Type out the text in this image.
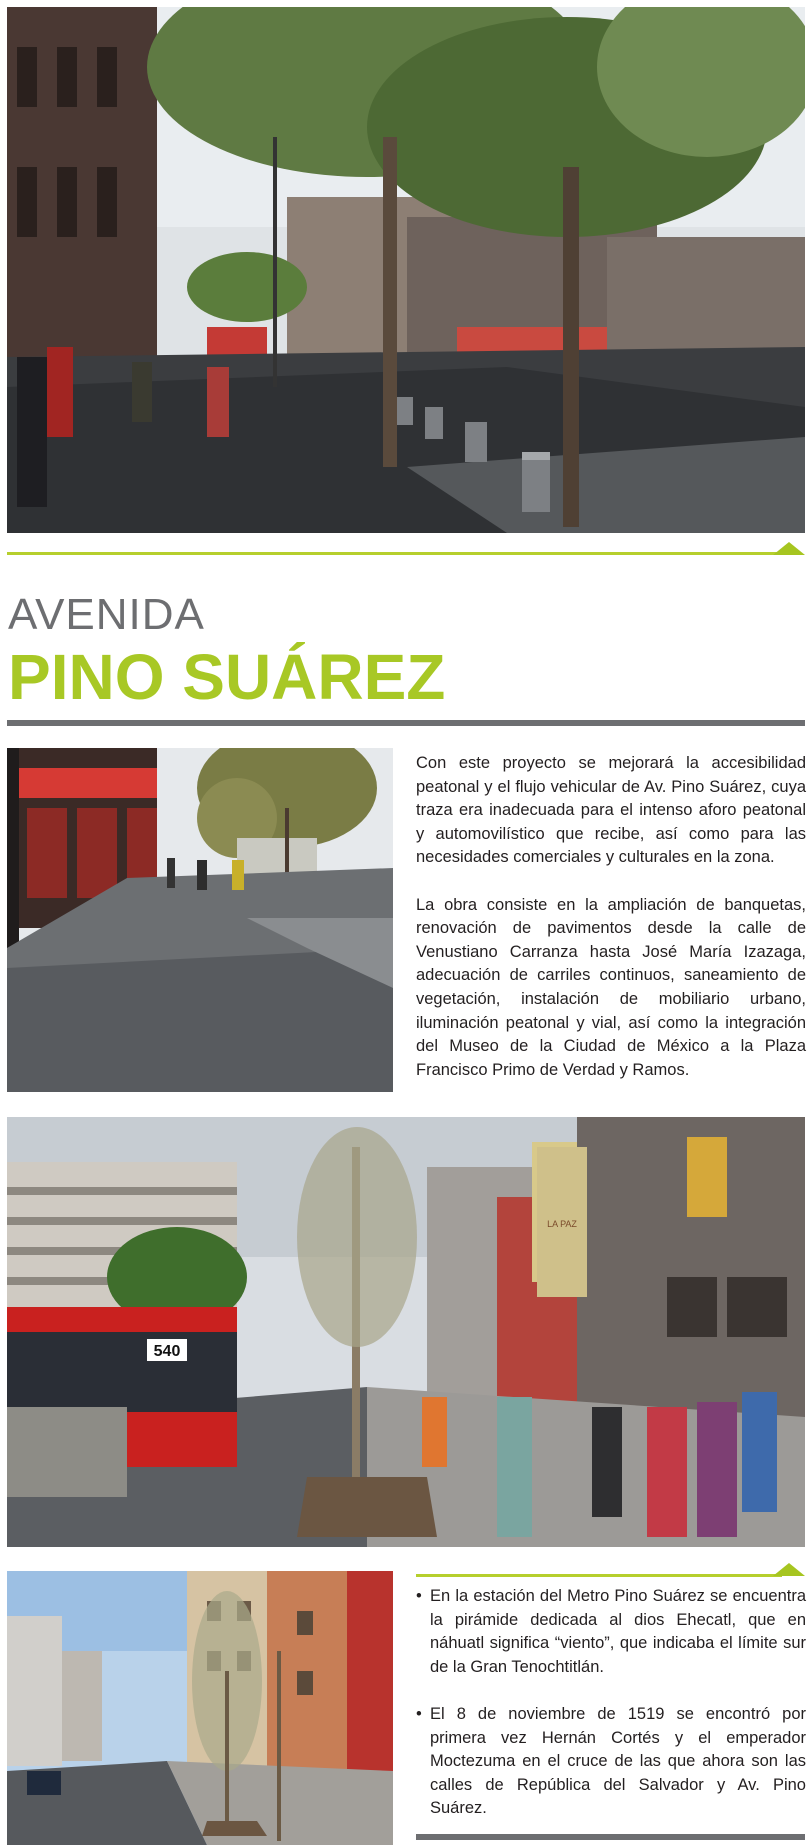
AVENIDA
PINO SUÁREZ

Con este proyecto se mejorará la accesibilidad peatonal y el flujo vehicular de Av. Pino Suárez, cuya traza era inadecuada para el intenso aforo peatonal y automovilístico que recibe, así como para las necesidades comerciales y culturales en la zona.

La obra consiste en la ampliación de banquetas, renovación de pavimentos desde la calle de Venustiano Carranza hasta José María Izazaga, adecuación de carriles continuos, saneamiento de vegetación, instalación de mobiliario urbano, iluminación peatonal y vial, así como la integración del Museo de la Ciudad de México a la Plaza Francisco Primo de Verdad y Ramos.

540
LA PAZ
• En la estación del Metro Pino Suárez se encuentra la pirámide dedicada al dios Ehecatl, que en náhuatl significa “viento”, que indicaba el límite sur de la Gran Tenochtitlán.
• El 8 de noviembre de 1519 se encontró por primera vez Hernán Cortés y el emperador Moctezuma en el cruce de las que ahora son las calles de República del Salvador y Av. Pino Suárez.
